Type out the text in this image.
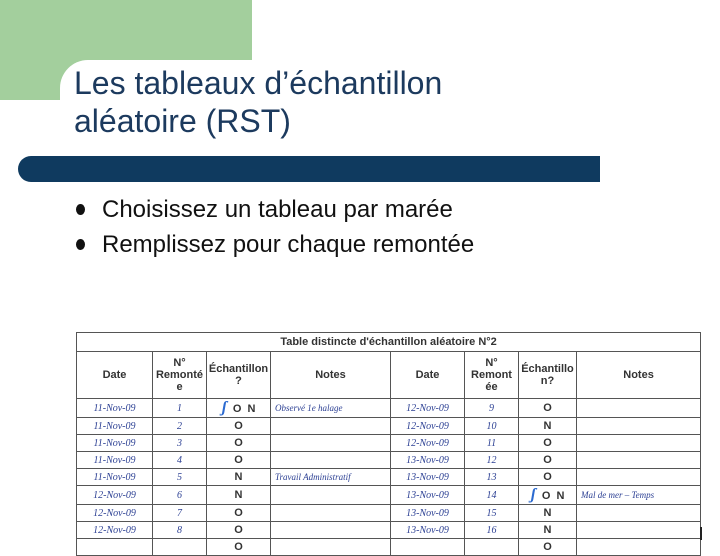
Les tableaux d’échantillon
aléatoire (RST)
Choisissez un tableau par marée
Remplissez pour chaque remontée
Table distincte d'échantillon aléatoire N°2							
Date	N° Remonté e	Échantillon ?	Notes	Date	N° Remont ée	Échantillo n?	Notes
11-Nov-09	1	ʃ O N	Observé 1e halage	12-Nov-09	9	O	
11-Nov-09	2	O		12-Nov-09	10	N	
11-Nov-09	3	O		12-Nov-09	11	O	
11-Nov-09	4	O		13-Nov-09	12	O	
11-Nov-09	5	N	Travail Administratif	13-Nov-09	13	O	
12-Nov-09	6	N		13-Nov-09	14	ʃ O N	Mal de mer – Temps
12-Nov-09	7	O		13-Nov-09	15	N	
12-Nov-09	8	O		13-Nov-09	16	N	
		O				O	
